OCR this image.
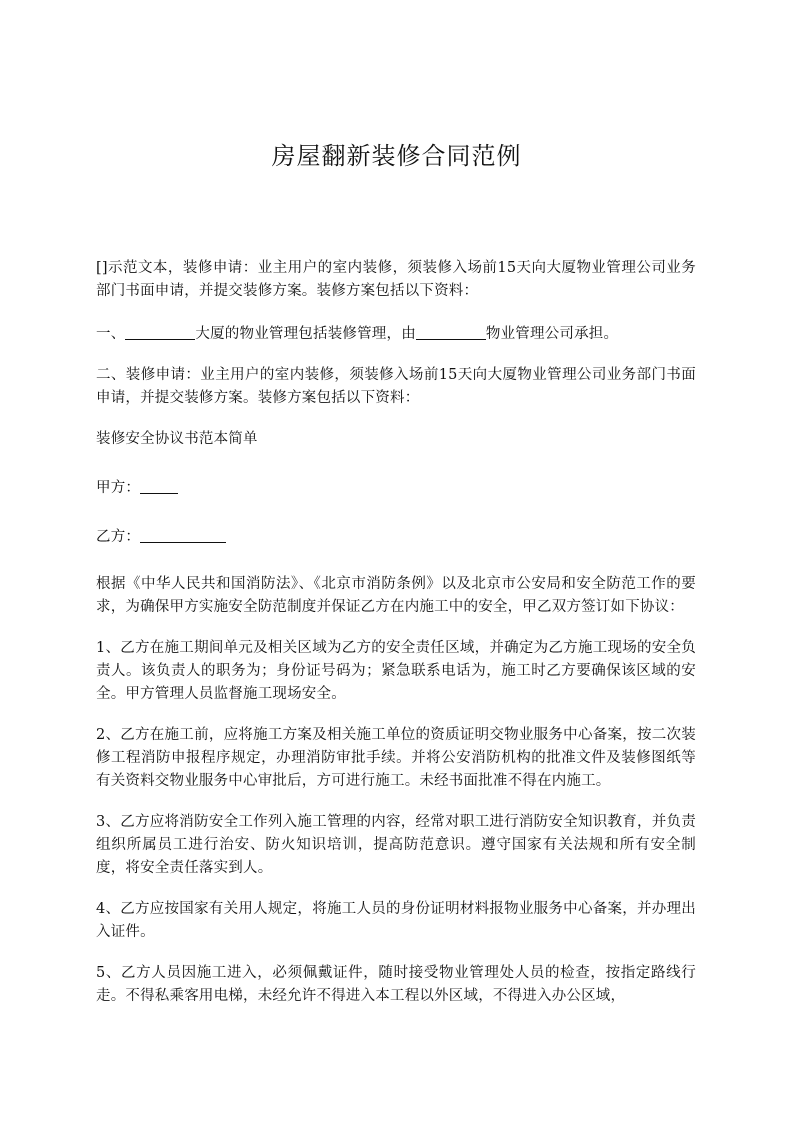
房屋翻新装修合同范例

[]示范文本，装修申请：业主用户的室内装修，须装修入场前15天向大厦物业管理公司业务部门书面申请，并提交装修方案。装修方案包括以下资料：

一、	大厦的物业管理包括装修管理，由	物业管理公司承担。

二、装修申请：业主用户的室内装修，须装修入场前15天向大厦物业管理公司业务部门书面申请，并提交装修方案。装修方案包括以下资料：

装修安全协议书范本简单

甲方：

乙方：

根据《中华人民共和国消防法》、《北京市消防条例》以及北京市公安局和安全防范工作的要求，为确保甲方实施安全防范制度并保证乙方在内施工中的安全，甲乙双方签订如下协议：

1、乙方在施工期间单元及相关区域为乙方的安全责任区域，并确定为乙方施工现场的安全负责人。该负责人的职务为；身份证号码为；紧急联系电话为，施工时乙方要确保该区域的安全。甲方管理人员监督施工现场安全。

2、乙方在施工前，应将施工方案及相关施工单位的资质证明交物业服务中心备案，按二次装修工程消防申报程序规定，办理消防审批手续。并将公安消防机构的批准文件及装修图纸等有关资料交物业服务中心审批后，方可进行施工。未经书面批准不得在内施工。

3、乙方应将消防安全工作列入施工管理的内容，经常对职工进行消防安全知识教育，并负责组织所属员工进行治安、防火知识培训，提高防范意识。遵守国家有关法规和所有安全制度，将安全责任落实到人。

4、乙方应按国家有关用人规定，将施工人员的身份证明材料报物业服务中心备案，并办理出入证件。

5、乙方人员因施工进入，必须佩戴证件，随时接受物业管理处人员的检查，按指定路线行走。不得私乘客用电梯，未经允许不得进入本工程以外区域，不得进入办公区域，
